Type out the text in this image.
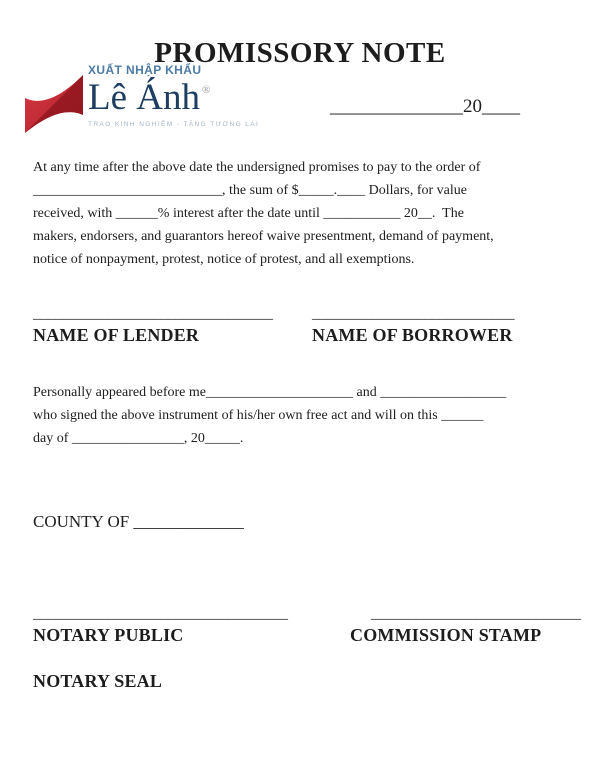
PROMISSORY NOTE
XUẤT NHẬP KHẨU
Lê Ánh ®
TRAO KINH NGHIỆM - TẶNG TƯƠNG LAI
______________20____
At any time after the above date the undersigned promises to pay to the order of
___________________________, the sum of $_____.____ Dollars, for value
received, with ______% interest after the date until ___________ 20__.  The
makers, endorsers, and guarantors hereof waive presentment, demand of payment,
notice of nonpayment, protest, notice of protest, and all exemptions.
________________________________
NAME OF LENDER
___________________________
NAME OF BORROWER
Personally appeared before me_____________________ and __________________
who signed the above instrument of his/her own free act and will on this ______
day of ________________, 20_____.
COUNTY OF _____________
__________________________________
NOTARY PUBLIC
____________________________
COMMISSION STAMP
NOTARY SEAL
